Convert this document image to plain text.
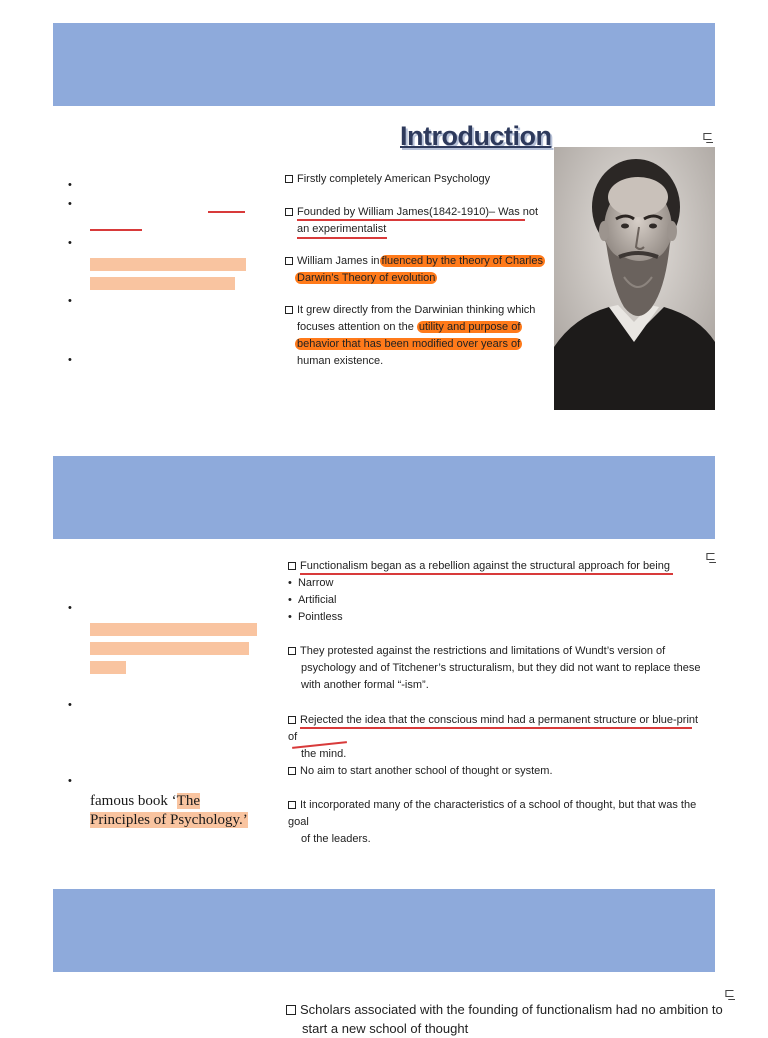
•
•
•
•
•
Introduction	⊏̲
Firstly completely American Psychology
Founded by William James(1842-1910)– Was not
an experimentalist
William James in fluenced by the theory of Charles
Darwin’s Theory of evolution
It grew directly from the Darwinian thinking which
focuses attention on the utility and purpose of
behavior that has been modified over years of
human existence.
⊏̲
•
•
•
famous book ‘The
Principles of Psychology.’
Functionalism began as a rebellion against the structural approach for being
•  Narrow
•  Artificial
•  Pointless
They protested against the restrictions and limitations of Wundt’s version of
psychology and of Titchener’s structuralism, but they did not want to replace these
with another formal “-ism”.
Rejected the idea that the conscious mind had a permanent structure or blue-print of
the mind.
No aim to start another school of thought or system.
It incorporated many of the characteristics of a school of thought, but that was the goal
of the leaders.
⊏̲
Scholars associated with the founding of functionalism had no ambition to
start a new school of thought
